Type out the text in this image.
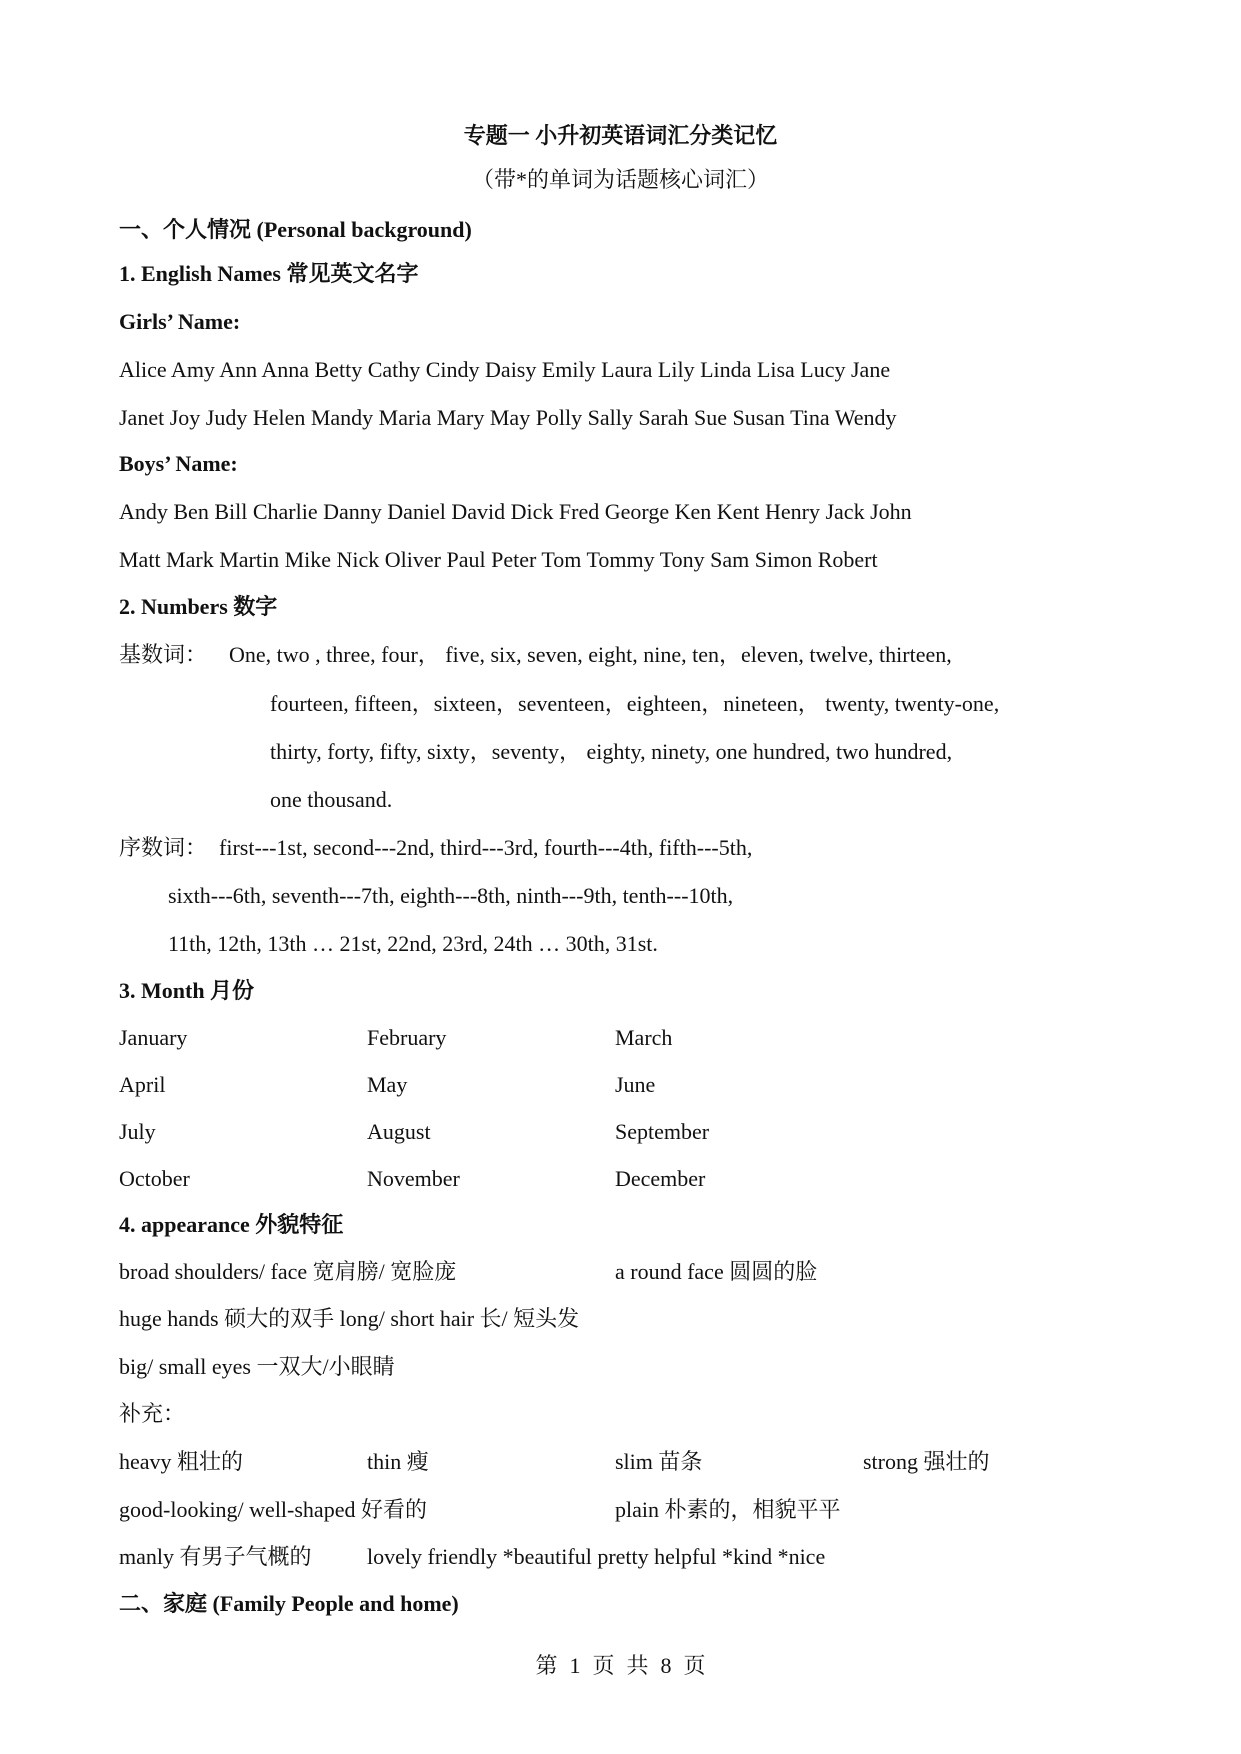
专题一 小升初英语词汇分类记忆
（带*的单词为话题核心词汇）
一、个人情况 (Personal background)
1. English Names 常见英文名字
Girls’ Name:
Alice Amy Ann Anna Betty Cathy Cindy Daisy Emily Laura Lily Linda Lisa Lucy Jane
Janet Joy Judy Helen Mandy Maria Mary May Polly Sally Sarah Sue Susan Tina Wendy
Boys’ Name:
Andy Ben Bill Charlie Danny Daniel David Dick Fred George Ken Kent Henry Jack John
Matt Mark Martin Mike Nick Oliver Paul Peter Tom Tommy Tony Sam Simon Robert
2. Numbers 数字
基数词： One, two , three, four， five, six, seven, eight, nine, ten，eleven, twelve, thirteen,
fourteen, fifteen，sixteen，seventeen，eighteen，nineteen， twenty, twenty-one,
thirty, forty, fifty, sixty，seventy， eighty, ninety, one hundred, two hundred,
one thousand.
序数词： first---1st, second---2nd, third---3rd, fourth---4th, fifth---5th,
sixth---6th, seventh---7th, eighth---8th, ninth---9th, tenth---10th,
11th, 12th, 13th … 21st, 22nd, 23rd, 24th … 30th, 31st.
3. Month 月份
January	February	March
April	May	June
July	August	September
October	November	December
4. appearance 外貌特征
broad shoulders/ face 宽肩膀/ 宽脸庞	a round face 圆圆的脸
huge hands 硕大的双手 long/ short hair 长/ 短头发
big/ small eyes 一双大/小眼睛
补充：
heavy 粗壮的	thin 瘦	slim 苗条	strong 强壮的
good-looking/ well-shaped 好看的	plain 朴素的，相貌平平
manly 有男子气概的	lovely friendly *beautiful pretty helpful *kind *nice
二、家庭 (Family People and home)
第 1 页 共 8 页
